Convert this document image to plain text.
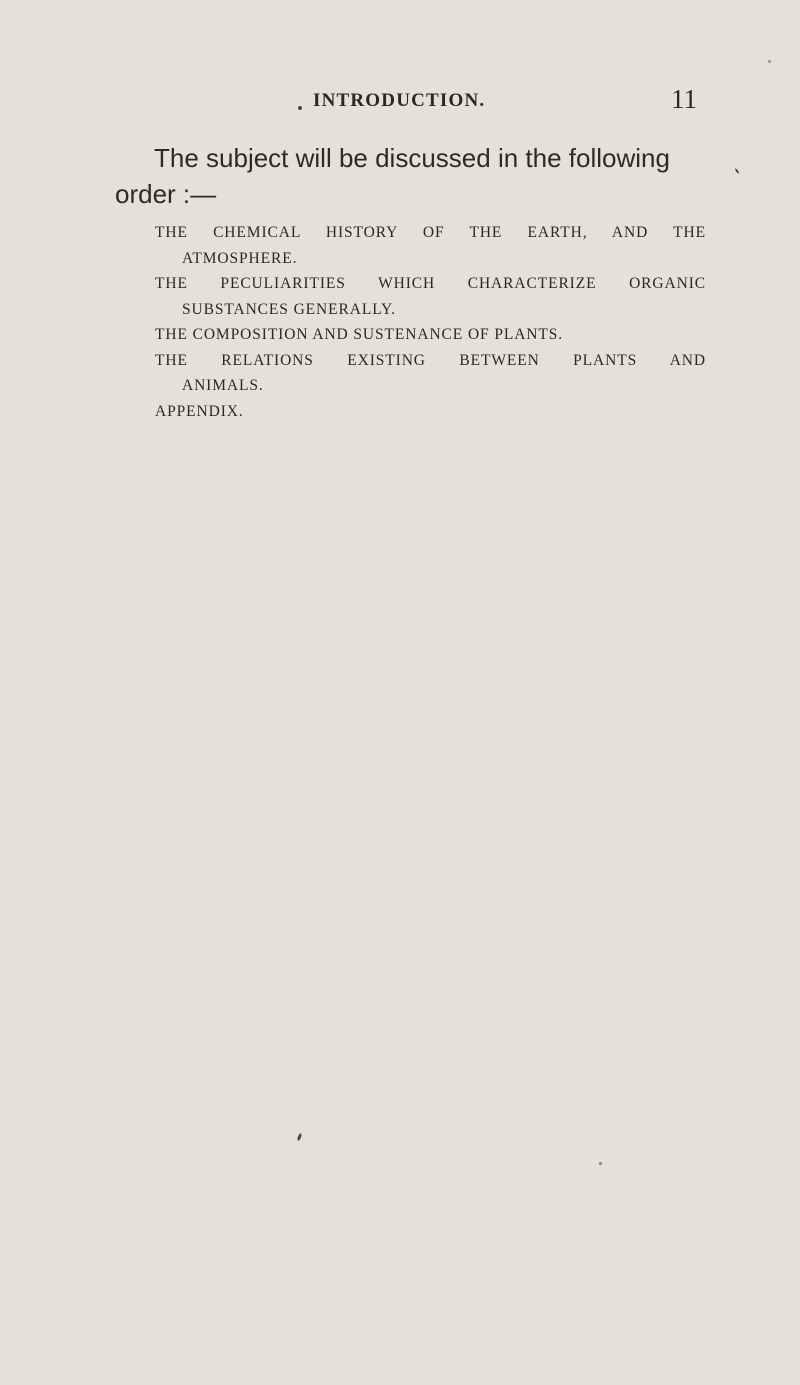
INTRODUCTION.	11
The subject will be discussed in the following
order :—

THE CHEMICAL HISTORY OF THE EARTH, AND THE
ATMOSPHERE.

THE PECULIARITIES WHICH CHARACTERIZE ORGANIC
SUBSTANCES GENERALLY.

THE COMPOSITION AND SUSTENANCE OF PLANTS.

THE RELATIONS EXISTING BETWEEN PLANTS AND
ANIMALS.

APPENDIX.
